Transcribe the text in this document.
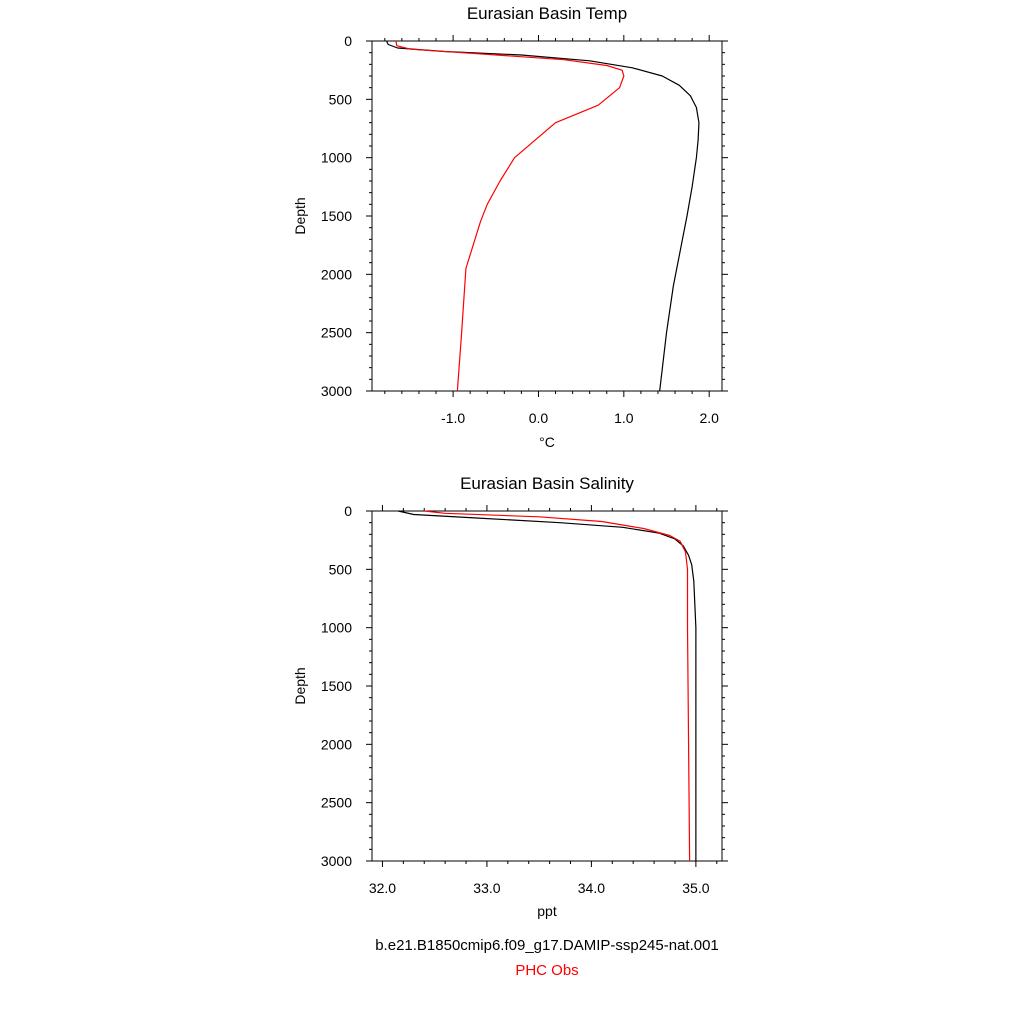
Eurasian Basin Temp
Depth
°C
0
500
1000
1500
2000
2500
3000
-1.0	0.0	1.0	2.0
Eurasian Basin Salinity
Depth
ppt
0
500
1000
1500
2000
2500
3000
32.0	33.0	34.0	35.0
b.e21.B1850cmip6.f09_g17.DAMIP-ssp245-nat.001
PHC Obs
